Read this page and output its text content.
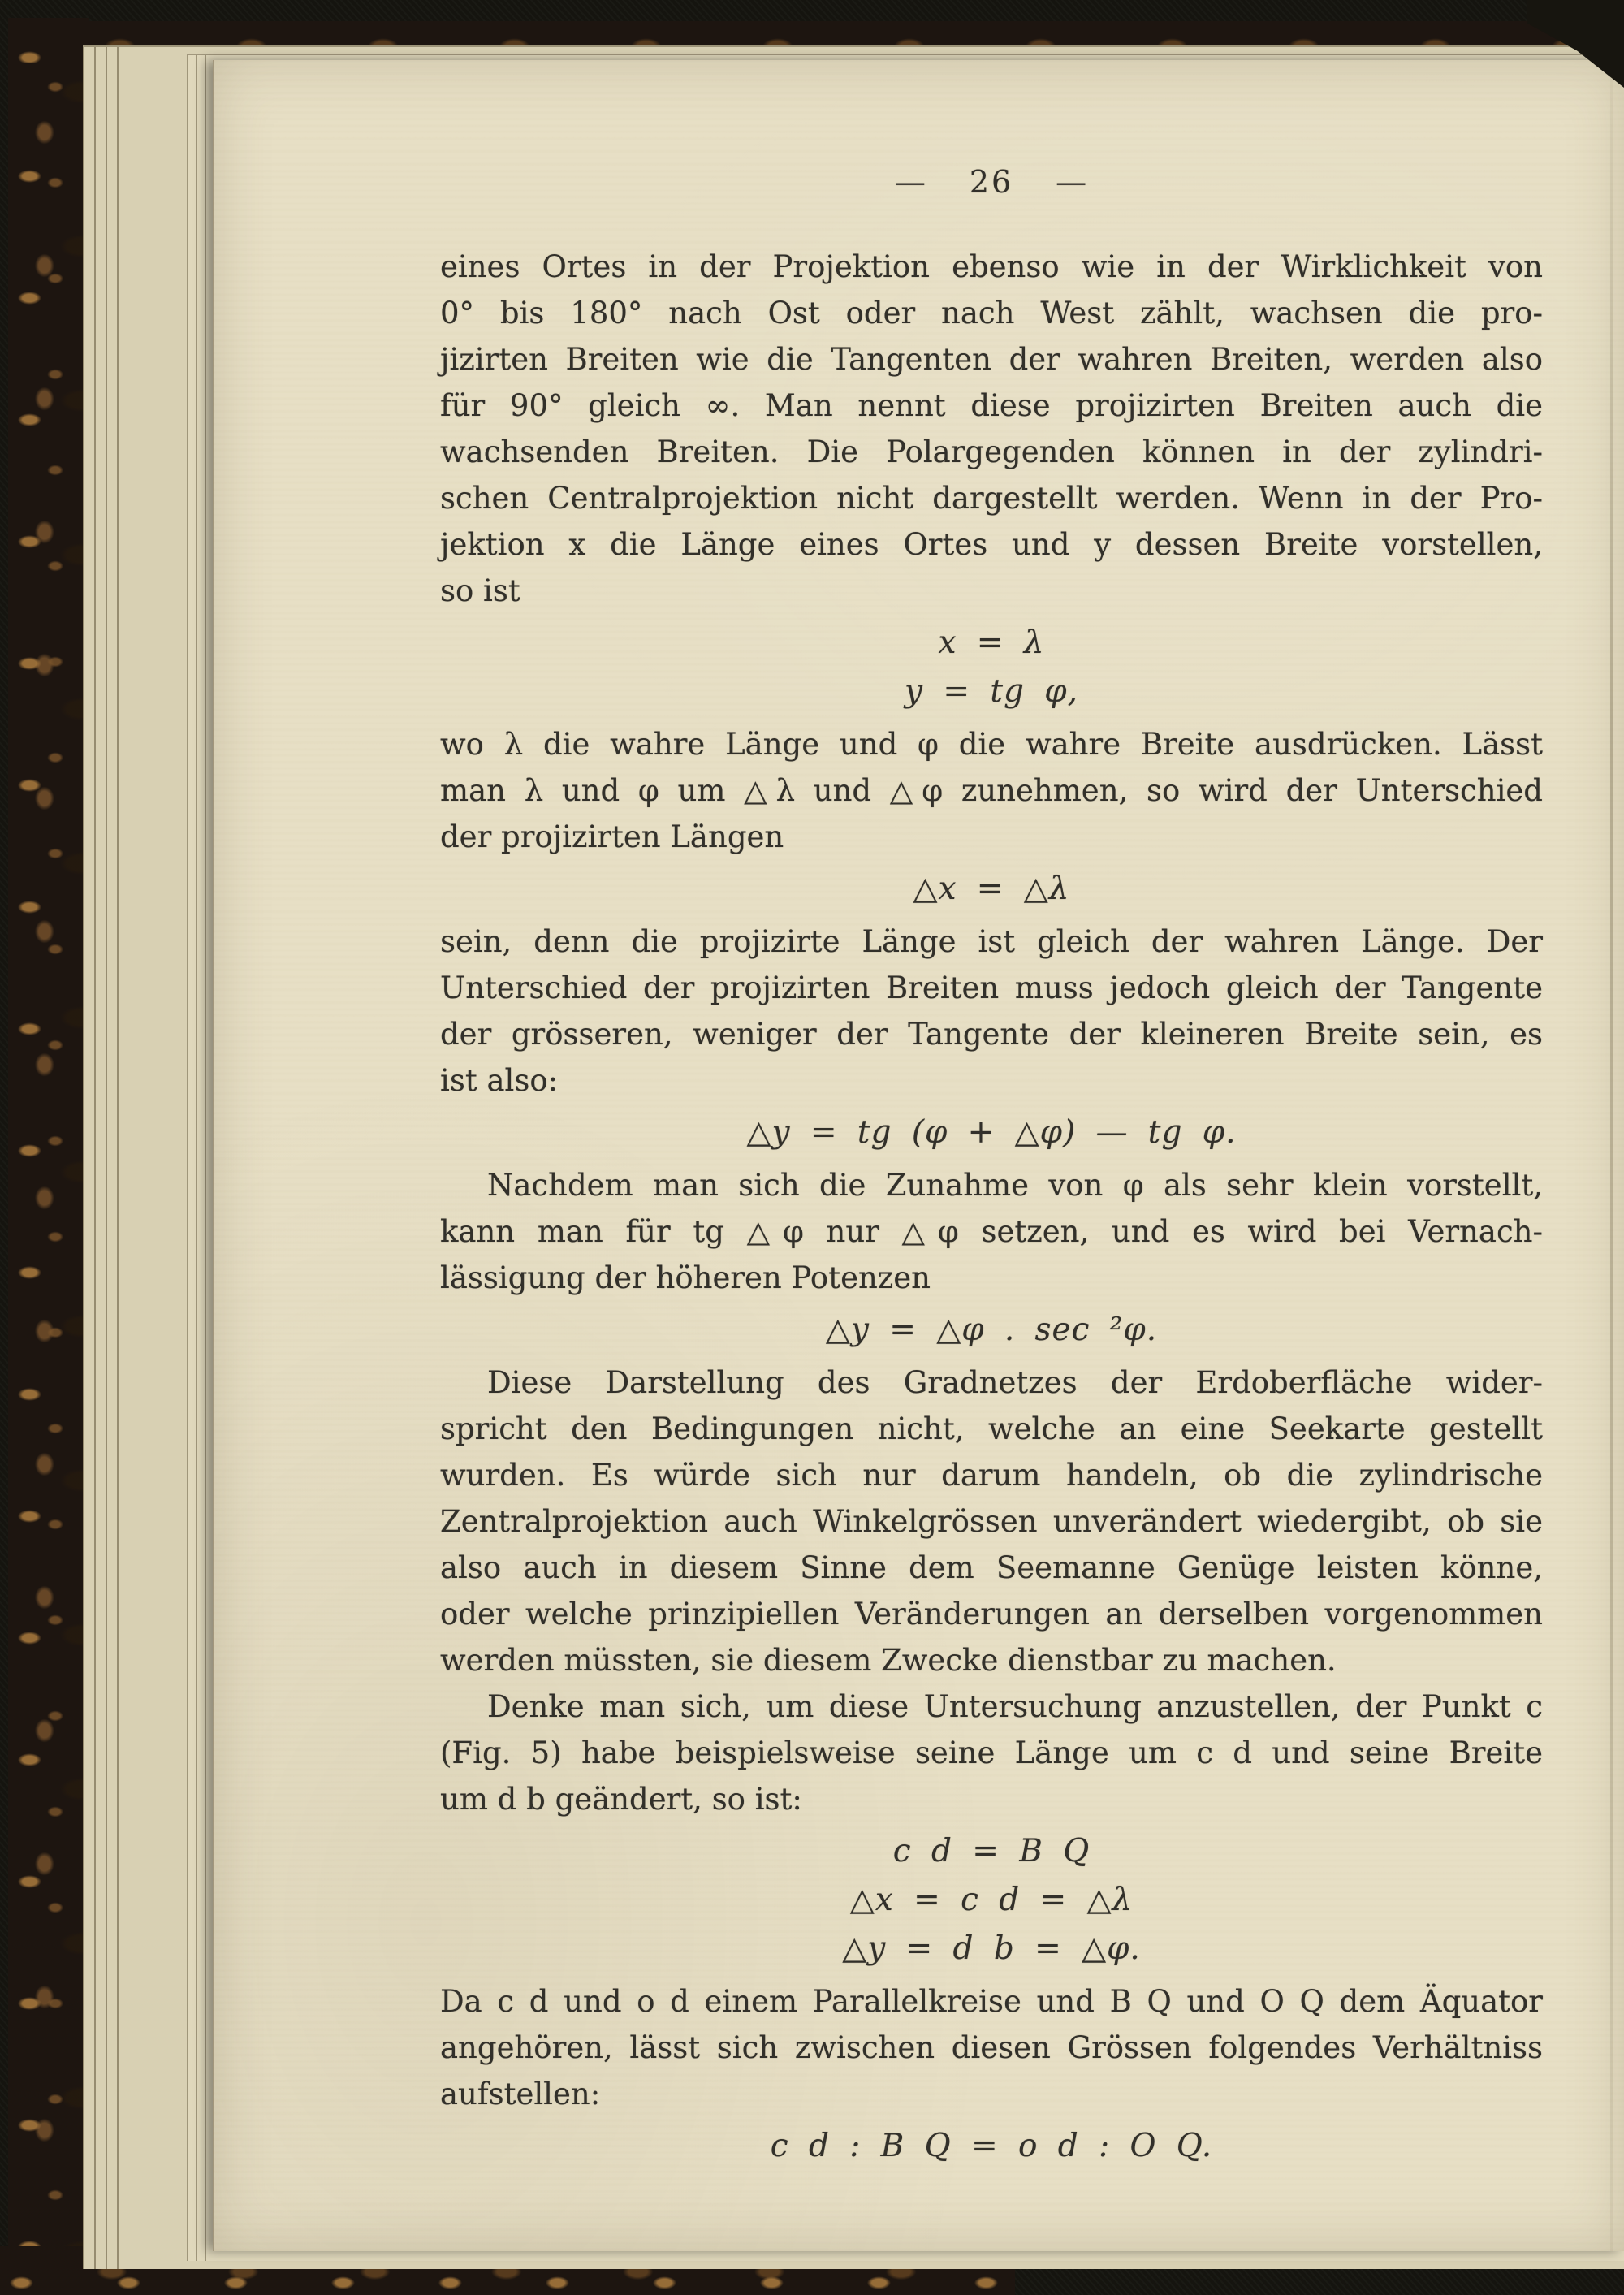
— 26 —
eines Ortes in der Projektion ebenso wie in der Wirklichkeit von
0° bis 180° nach Ost oder nach West zählt, wachsen die pro-
jizirten Breiten wie die Tangenten der wahren Breiten, werden also
für 90° gleich ∞. Man nennt diese projizirten Breiten auch die
wachsenden Breiten. Die Polargegenden können in der zylindri-
schen Centralprojektion nicht dargestellt werden. Wenn in der Pro-
jektion x die Länge eines Ortes und y dessen Breite vorstellen,
so ist
x = λ
y = tg φ,
wo λ die wahre Länge und φ die wahre Breite ausdrücken. Lässt
man λ und φ um △λ und △φ zunehmen, so wird der Unterschied
der projizirten Längen
△x = △λ
sein, denn die projizirte Länge ist gleich der wahren Länge. Der
Unterschied der projizirten Breiten muss jedoch gleich der Tangente
der grösseren, weniger der Tangente der kleineren Breite sein, es
ist also:
△y = tg (φ + △φ) — tg φ.
Nachdem man sich die Zunahme von φ als sehr klein vorstellt,
kann man für tg △φ nur △φ setzen, und es wird bei Vernach-
lässigung der höheren Potenzen
△y = △φ . sec ²φ.
Diese Darstellung des Gradnetzes der Erdoberfläche wider-
spricht den Bedingungen nicht, welche an eine Seekarte gestellt
wurden. Es würde sich nur darum handeln, ob die zylindrische
Zentralprojektion auch Winkelgrössen unverändert wiedergibt, ob sie
also auch in diesem Sinne dem Seemanne Genüge leisten könne,
oder welche prinzipiellen Veränderungen an derselben vorgenommen
werden müssten, sie diesem Zwecke dienstbar zu machen.
Denke man sich, um diese Untersuchung anzustellen, der Punkt c
(Fig. 5) habe beispielsweise seine Länge um c d und seine Breite
um d b geändert, so ist:
c d = B Q
△x = c d = △λ
△y = d b = △φ.
Da c d und o d einem Parallelkreise und B Q und O Q dem Äquator
angehören, lässt sich zwischen diesen Grössen folgendes Verhältniss
aufstellen:
c d : B Q = o d : O Q.
